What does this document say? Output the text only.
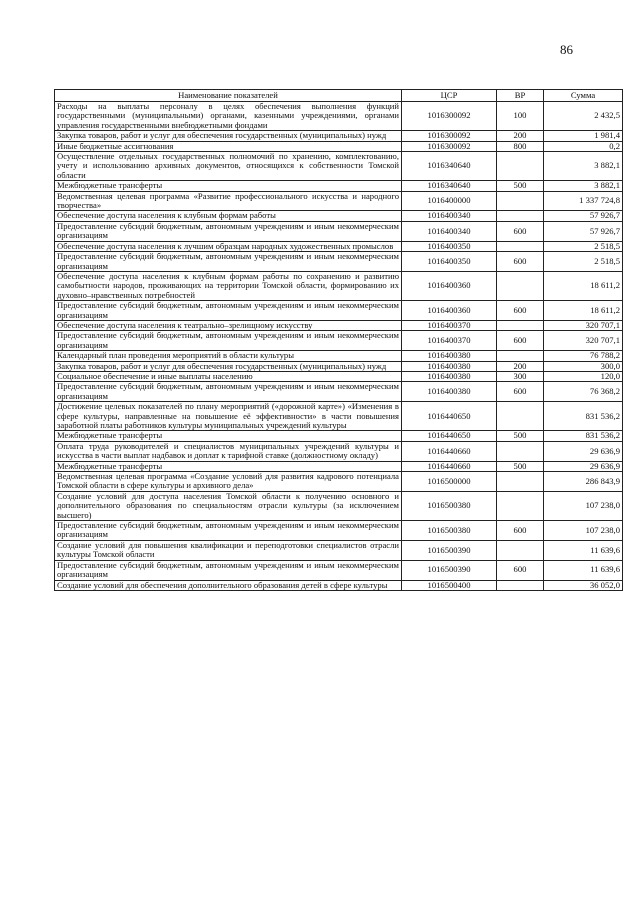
86
Наименование показателей	ЦСР	ВР	Сумма
Расходы на выплаты персоналу в целях обеспечения выполнения функций государственными (муниципальными) органами, казенными учреждениями, органами управления государственными внебюджетными фондами	1016300092	100	2 432,5
Закупка товаров, работ и услуг для обеспечения государственных (муниципальных) нужд	1016300092	200	1 981,4
Иные бюджетные ассигнования	1016300092	800	0,2
Осуществление отдельных государственных полномочий по хранению, комплектованию, учету и использованию архивных документов, относящихся к собственности Томской области	1016340640		3 882,1
Межбюджетные трансферты	1016340640	500	3 882,1
Ведомственная целевая программа «Развитие профессионального искусства и народного творчества»	1016400000		1 337 724,8
Обеспечение доступа населения к клубным формам работы	1016400340		57 926,7
Предоставление субсидий бюджетным, автономным учреждениям и иным некоммерческим организациям	1016400340	600	57 926,7
Обеспечение доступа населения к лучшим образцам народных художественных промыслов	1016400350		2 518,5
Предоставление субсидий бюджетным, автономным учреждениям и иным некоммерческим организациям	1016400350	600	2 518,5
Обеспечение доступа населения к клубным формам работы по сохранению и развитию самобытности народов, проживающих на территории Томской области, формированию их духовно–нравственных потребностей	1016400360		18 611,2
Предоставление субсидий бюджетным, автономным учреждениям и иным некоммерческим организациям	1016400360	600	18 611,2
Обеспечение доступа населения к театрально–зрелищному искусству	1016400370		320 707,1
Предоставление субсидий бюджетным, автономным учреждениям и иным некоммерческим организациям	1016400370	600	320 707,1
Календарный план проведения мероприятий в области культуры	1016400380		76 788,2
Закупка товаров, работ и услуг для обеспечения государственных (муниципальных) нужд	1016400380	200	300,0
Социальное обеспечение и иные выплаты населению	1016400380	300	120,0
Предоставление субсидий бюджетным, автономным учреждениям и иным некоммерческим организациям	1016400380	600	76 368,2
Достижение целевых показателей по плану мероприятий («дорожной карте») «Изменения в сфере культуры, направленные на повышение её эффективности» в части повышения заработной платы работников культуры муниципальных учреждений культуры	1016440650		831 536,2
Межбюджетные трансферты	1016440650	500	831 536,2
Оплата труда руководителей и специалистов муниципальных учреждений культуры и искусства в части выплат надбавок и доплат к тарифной ставке (должностному окладу)	1016440660		29 636,9
Межбюджетные трансферты	1016440660	500	29 636,9
Ведомственная целевая программа «Создание условий для развития кадрового потенциала Томской области в сфере культуры и архивного дела»	1016500000		286 843,9
Создание условий для доступа населения Томской области к получению основного и дополнительного образования по специальностям отрасли культуры (за исключением высшего)	1016500380		107 238,0
Предоставление субсидий бюджетным, автономным учреждениям и иным некоммерческим организациям	1016500380	600	107 238,0
Создание условий для повышения квалификации и переподготовки специалистов отрасли культуры Томской области	1016500390		11 639,6
Предоставление субсидий бюджетным, автономным учреждениям и иным некоммерческим организациям	1016500390	600	11 639,6
Создание условий для обеспечения дополнительного образования детей в сфере культуры	1016500400		36 052,0
